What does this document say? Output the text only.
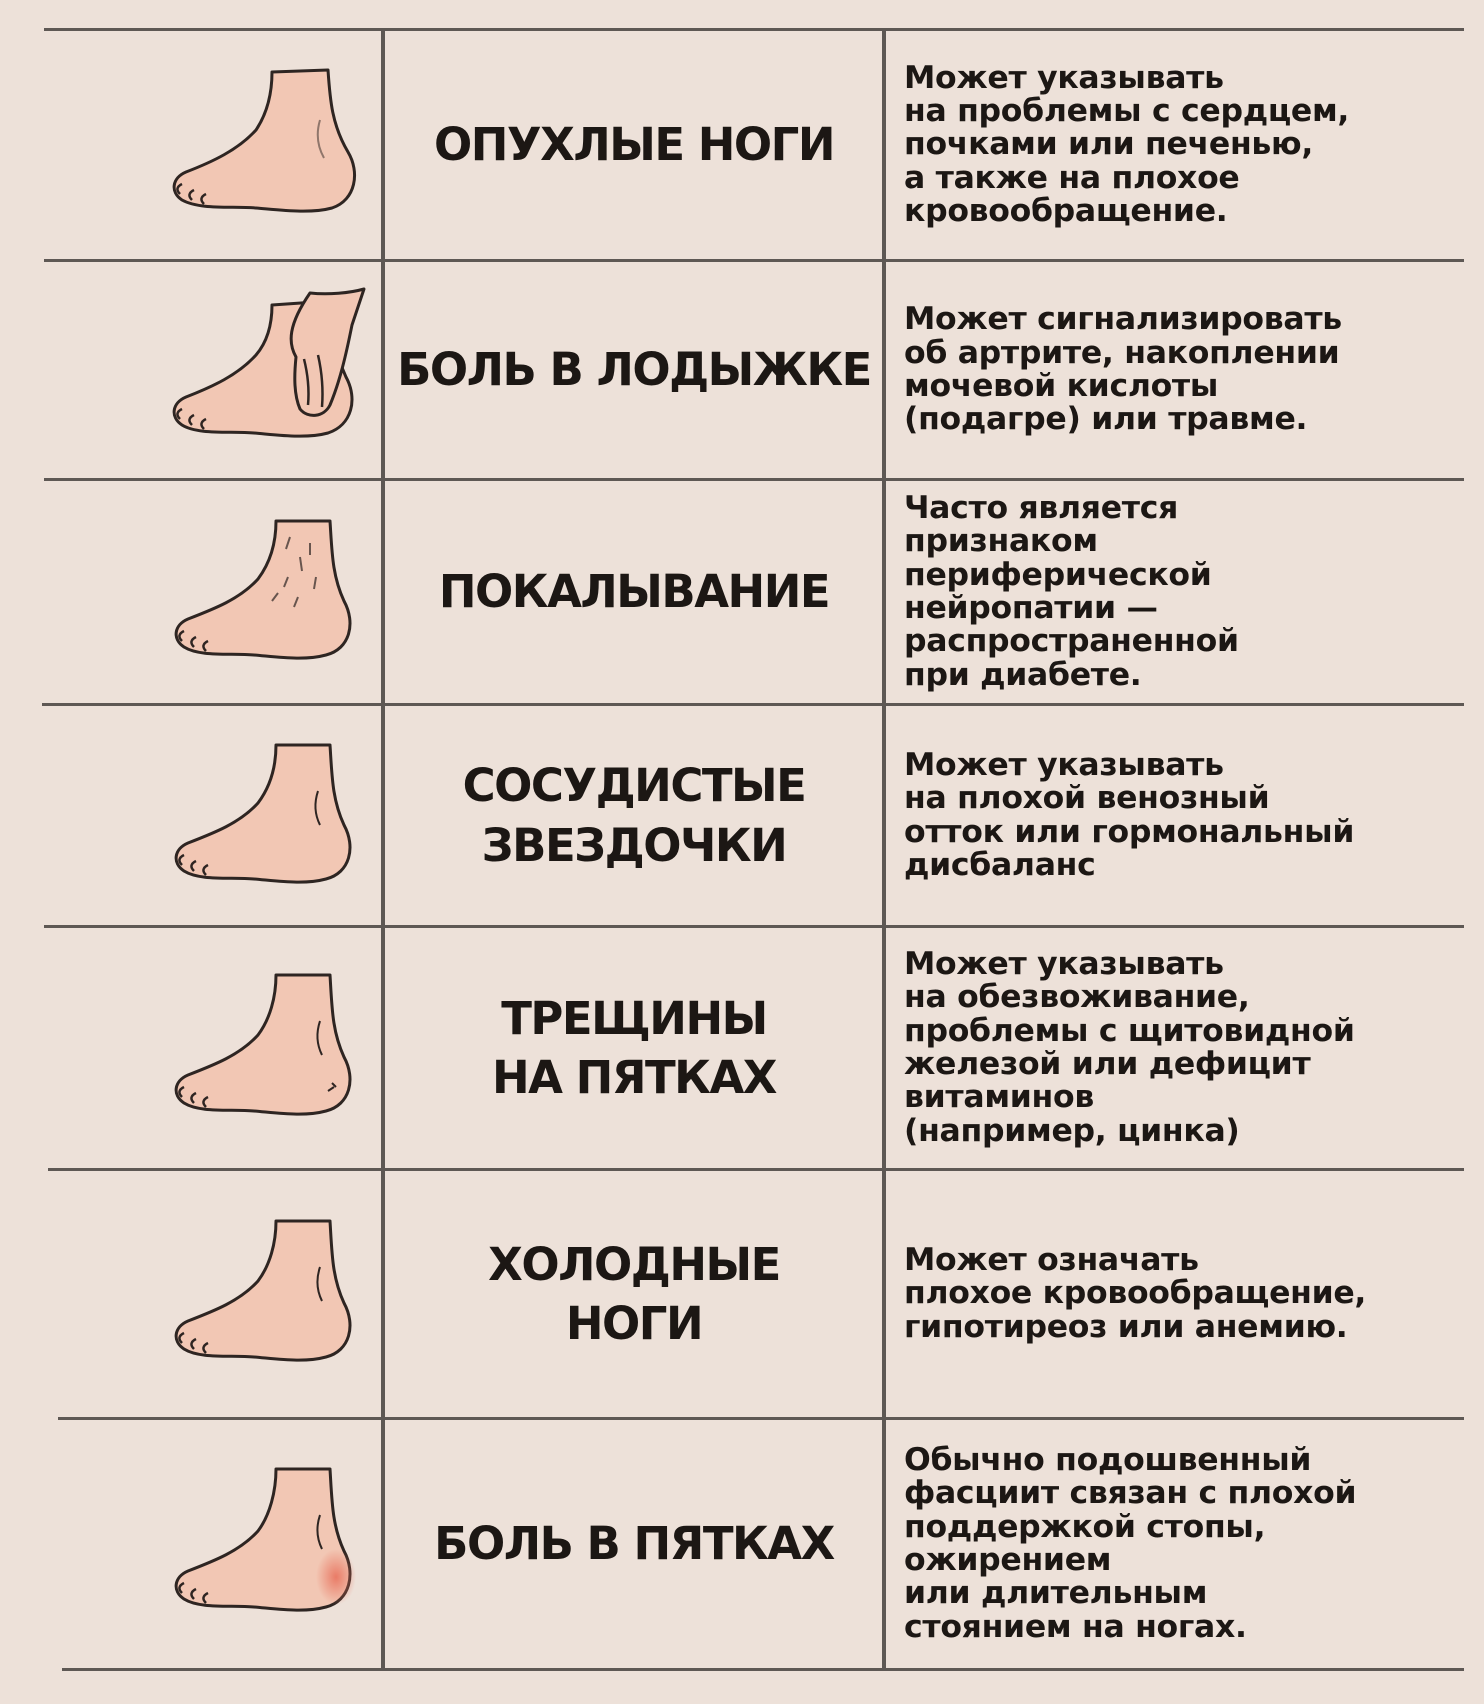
ОПУХЛЫЕ НОГИ
Может указывать
на проблемы с сердцем,
почками или печенью,
а также на плохое
кровообращение.
БОЛЬ В ЛОДЫЖКЕ
Может сигнализировать
об артрите, накоплении
мочевой кислоты
(подагре) или травме.
ПОКАЛЫВАНИЕ
Часто является
признаком
периферической
нейропатии —
распространенной
при диабете.
СОСУДИСТЫЕ
ЗВЕЗДОЧКИ
Может указывать
на плохой венозный
отток или гормональный
дисбаланс
ТРЕЩИНЫ
НА ПЯТКАХ
Может указывать
на обезвоживание,
проблемы с щитовидной
железой или дефицит
витаминов
(например, цинка)
ХОЛОДНЫЕ
НОГИ
Может означать
плохое кровообращение,
гипотиреоз или анемию.
БОЛЬ В ПЯТКАХ
Обычно подошвенный
фасциит связан с плохой
поддержкой стопы,
ожирением
или длительным
стоянием на ногах.
